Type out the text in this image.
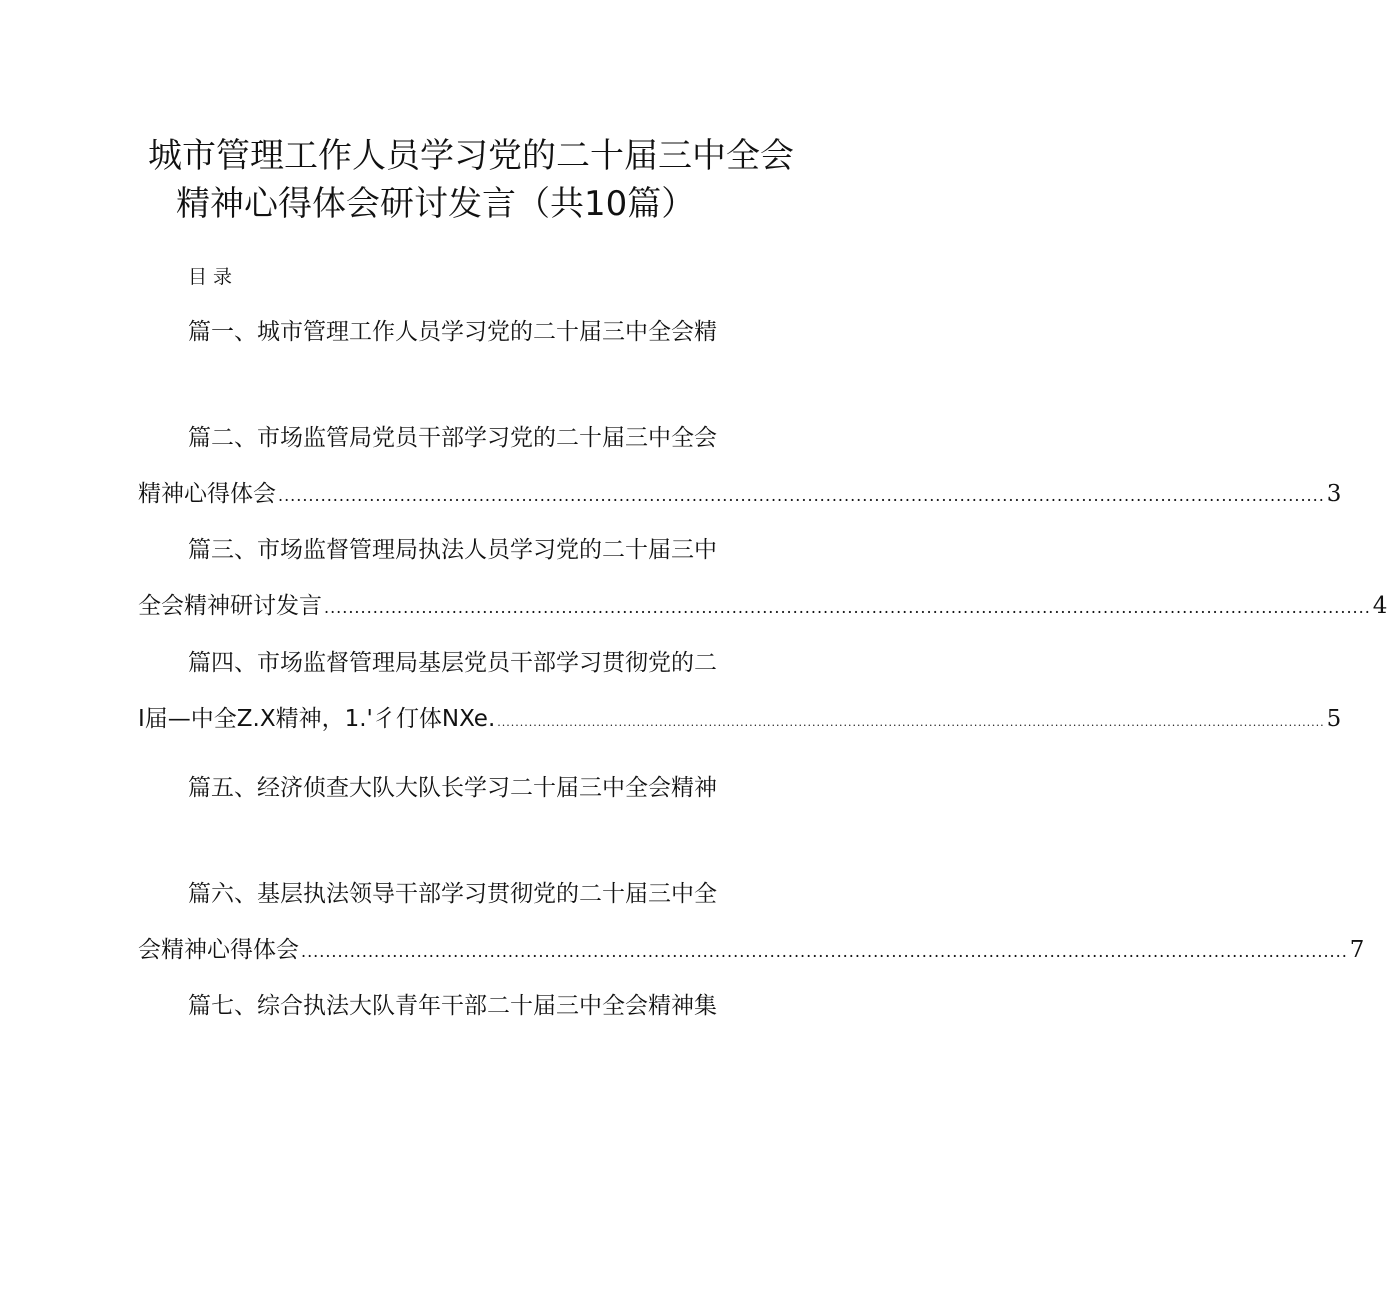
城市管理工作人员学习党的二十届三中全会
精神心得体会研讨发言（共10篇）
目录
篇一、城市管理工作人员学习党的二十届三中全会精
篇二、市场监管局党员干部学习党的二十届三中全会
精神心得体会 ............................................................................................................................................................................ 3
篇三、市场监督管理局执法人员学习党的二十届三中
全会精神研讨发言 ............................................................................................................................................................................ 4
篇四、市场监督管理局基层党员干部学习贯彻党的二
I届—中全Z.X精神，1.'彳仃体NXe. ........................................................................................................................................................................................ 5
篇五、经济侦查大队大队长学习二十届三中全会精神
篇六、基层执法领导干部学习贯彻党的二十届三中全
会精神心得体会 ............................................................................................................................................................................ 7
篇七、综合执法大队青年干部二十届三中全会精神集
